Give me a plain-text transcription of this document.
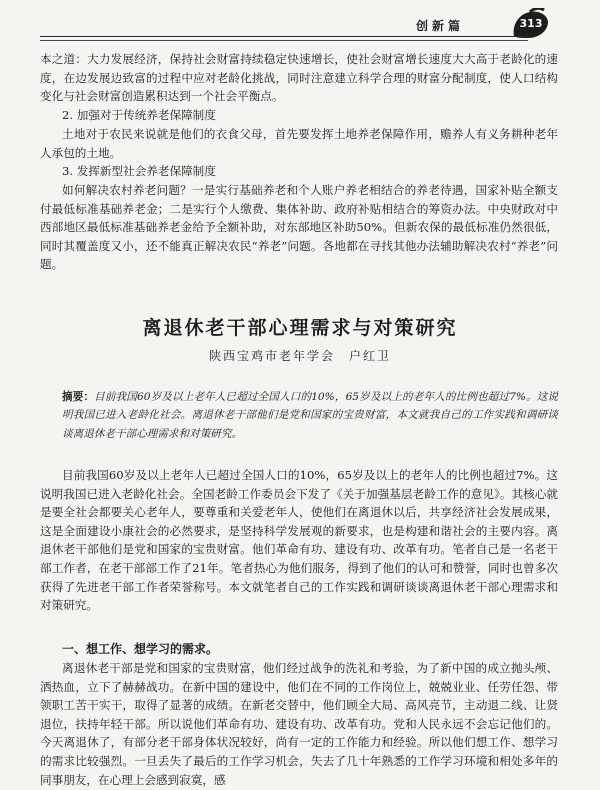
创新篇	313
本之道：大力发展经济，保持社会财富持续稳定快速增长，使社会财富增长速度大大高于老龄化的速度，在边发展边致富的过程中应对老龄化挑战，同时注意建立科学合理的财富分配制度，使人口结构变化与社会财富创造累积达到一个社会平衡点。
2. 加强对于传统养老保障制度
土地对于农民来说就是他们的衣食父母，首先要发挥土地养老保障作用，赡养人有义务耕种老年人承包的土地。
3. 发挥新型社会养老保障制度
如何解决农村养老问题？一是实行基础养老和个人账户养老相结合的养老待遇，国家补贴全额支付最低标准基础养老金；二是实行个人缴费、集体补助、政府补贴相结合的筹资办法。中央财政对中西部地区最低标准基础养老金给予全额补助，对东部地区补助50%。但新农保的最低标准仍然很低，同时其覆盖度又小，还不能真正解决农民“养老”问题。各地都在寻找其他办法辅助解决农村“养老”问题。
离退休老干部心理需求与对策研究
陕西宝鸡市老年学会　户红卫
摘要：目前我国60岁及以上老年人已超过全国人口的10%，65岁及以上的老年人的比例也超过7%。这说明我国已进入老龄化社会。离退休老干部他们是党和国家的宝贵财富，本文就我自己的工作实践和调研谈谈离退休老干部心理需求和对策研究。
目前我国60岁及以上老年人已超过全国人口的10%，65岁及以上的老年人的比例也超过7%。这说明我国已进入老龄化社会。全国老龄工作委员会下发了《关于加强基层老龄工作的意见》。其核心就是要全社会都要关心老年人，要尊重和关爱老年人，使他们在离退休以后，共享经济社会发展成果，这是全面建设小康社会的必然要求，是坚持科学发展观的新要求，也是构建和谐社会的主要内容。离退休老干部他们是党和国家的宝贵财富。他们革命有功、建设有功、改革有功。笔者自己是一名老干部工作者，在老干部部工作了21年。笔者热心为他们服务，得到了他们的认可和赞誉，同时也曾多次获得了先进老干部工作者荣誉称号。本文就笔者自己的工作实践和调研谈谈离退休老干部心理需求和对策研究。
一、想工作、想学习的需求。
离退休老干部是党和国家的宝贵财富，他们经过战争的洗礼和考验，为了新中国的成立抛头颅、洒热血，立下了赫赫战功。在新中国的建设中，他们在不同的工作岗位上，兢兢业业、任劳任怨、带领职工苦干实干，取得了显著的成绩。在新老交替中，他们顾全大局、高风亮节，主动退二线、让贤退位，扶持年轻干部。所以说他们革命有功、建设有功、改革有功。党和人民永远不会忘记他们的。今天离退休了，有部分老干部身体状况较好，尚有一定的工作能力和经验。所以他们想工作、想学习的需求比较强烈。一旦丢失了最后的工作学习机会，失去了几十年熟悉的工作学习环境和相处多年的同事朋友，在心理上会感到寂寞，感
